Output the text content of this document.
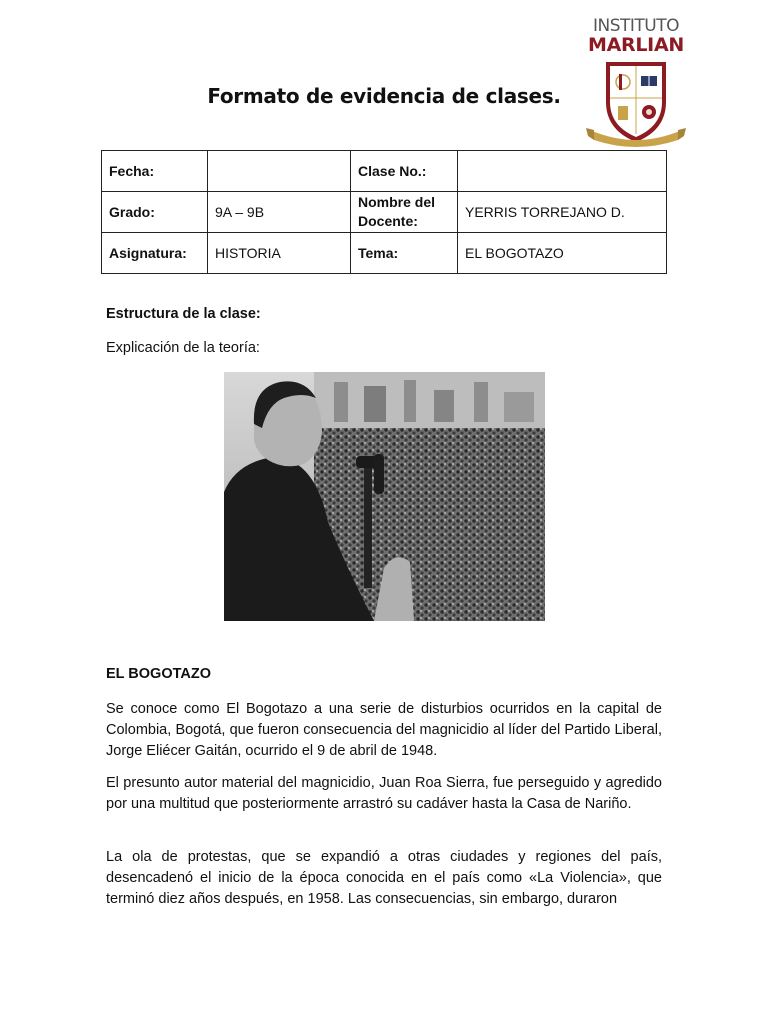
Formato de evidencia de clases.
INSTITUTO
MARLIAN
Fecha:		Clase No.:	
Grado:	9A – 9B	Nombre del Docente:	YERRIS TORREJANO D.
Asignatura:	HISTORIA	Tema:	EL BOGOTAZO
Estructura de la clase:
Explicación de la teoría:
EL BOGOTAZO

Se conoce como El Bogotazo a una serie de disturbios ocurridos en la capital de Colombia, Bogotá, que fueron consecuencia del magnicidio al líder del Partido Liberal, Jorge Eliécer Gaitán, ocurrido el 9 de abril de 1948.

El presunto autor material del magnicidio, Juan Roa Sierra, fue perseguido y agredido por una multitud que posteriormente arrastró su cadáver hasta la Casa de Nariño.

La ola de protestas, que se expandió a otras ciudades y regiones del país, desencadenó el inicio de la época conocida en el país como «La Violencia», que terminó diez años después, en 1958. Las consecuencias, sin embargo, duraron
